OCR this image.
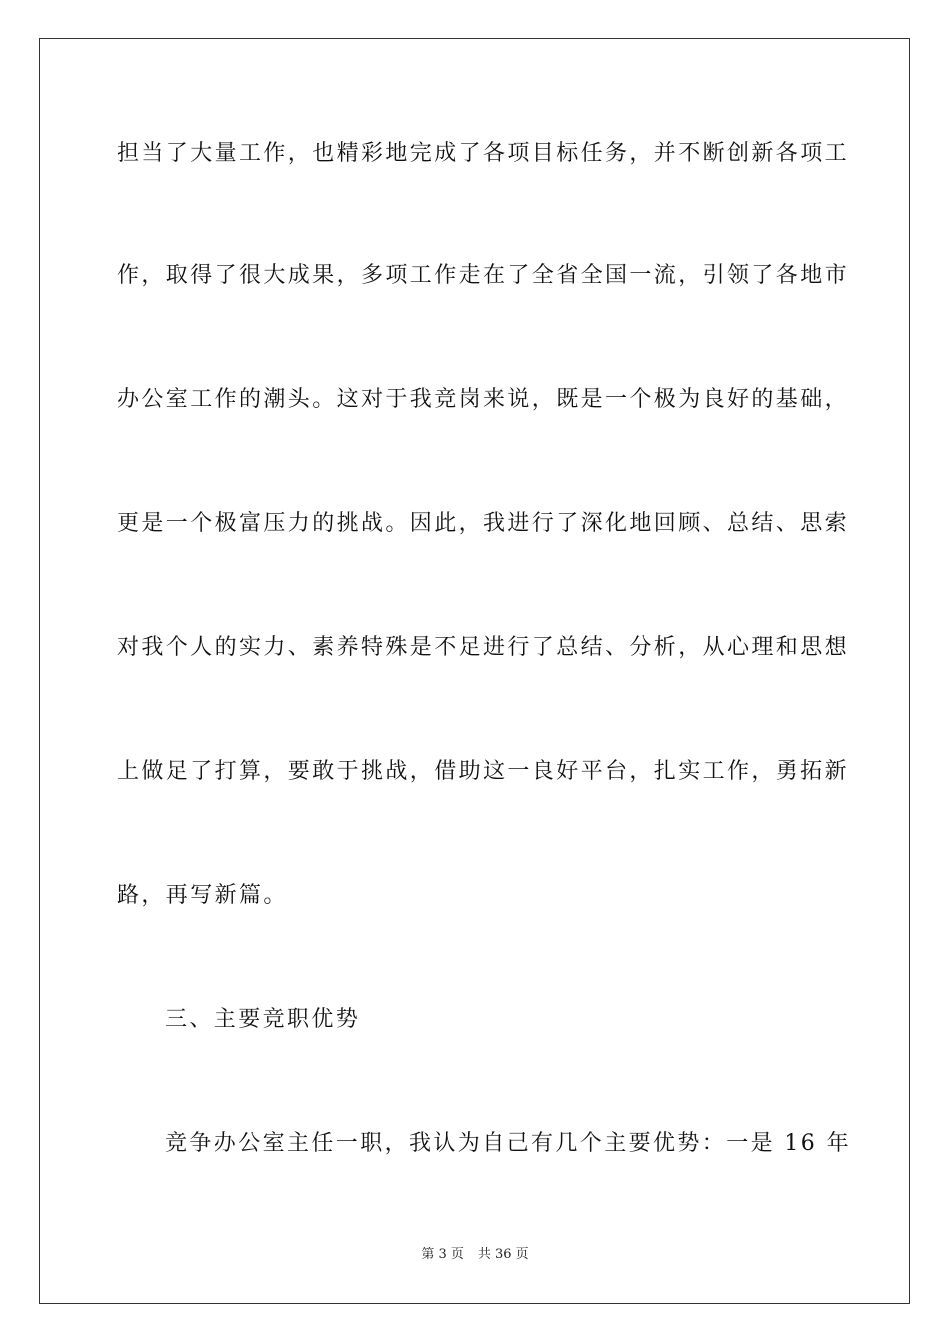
担当了大量工作，也精彩地完成了各项目标任务，并不断创新各项工
作，取得了很大成果，多项工作走在了全省全国一流，引领了各地市
办公室工作的潮头。这对于我竞岗来说，既是一个极为良好的基础，
更是一个极富压力的挑战。因此，我进行了深化地回顾、总结、思索
对我个人的实力、素养特殊是不足进行了总结、分析，从心理和思想
上做足了打算，要敢于挑战，借助这一良好平台，扎实工作，勇拓新
路，再写新篇。
三、主要竞职优势
竞争办公室主任一职，我认为自己有几个主要优势：一是 16 年
第 3 页 共 36 页
